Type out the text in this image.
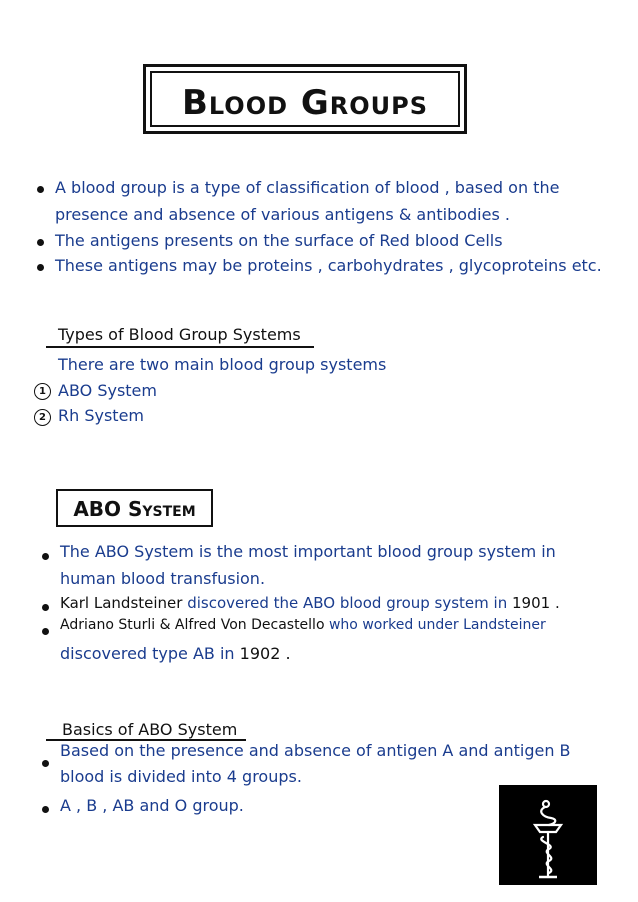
Blood Groups
A blood group is a type of classification of blood , based on the
presence and absence of various antigens & antibodies .
The antigens presents on the surface of Red blood Cells
These antigens may be proteins , carbohydrates , glycoproteins etc.
Types of Blood Group Systems
There are two main blood group systems
1 ABO System
2 Rh System
ABO System
The ABO System is the most important blood group system in
human blood transfusion.
Karl Landsteiner discovered the ABO blood group system in 1901 .
Adriano Sturli & Alfred Von Decastello who worked under Landsteiner
discovered type AB in 1902 .
Basics of ABO System
Based on the presence and absence of antigen A and antigen B
blood is divided into 4 groups.
A , B , AB and O group.
